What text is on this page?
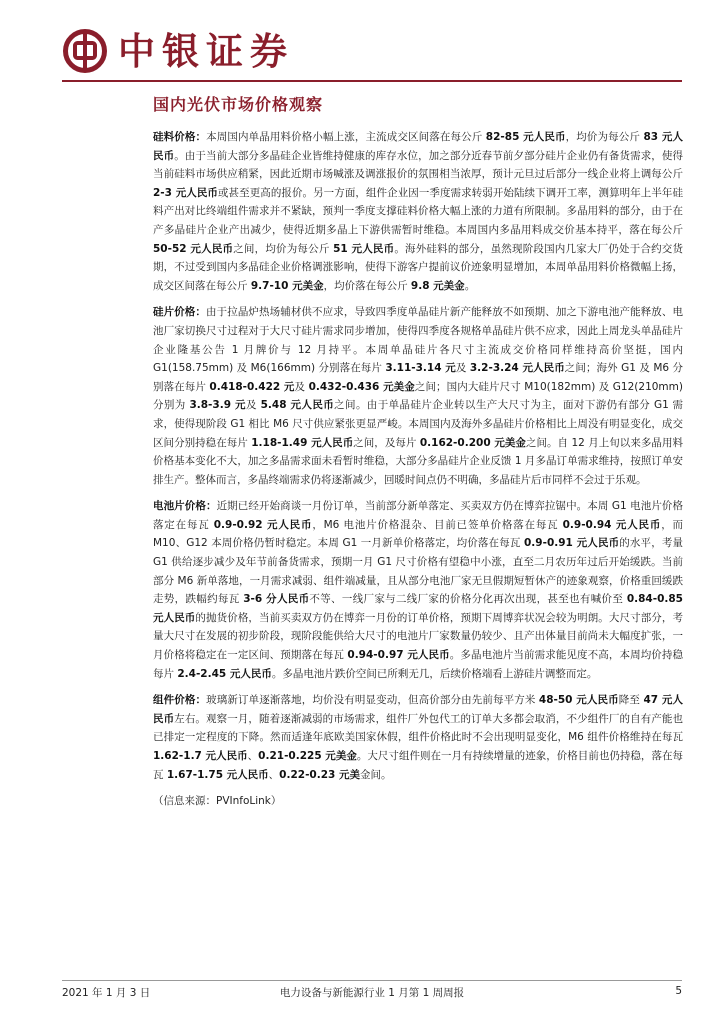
中银证券
国内光伏市场价格观察

硅料价格：本周国内单晶用料价格小幅上涨，主流成交区间落在每公斤 82-85 元人民币，均价为每公斤 83 元人民币。由于当前大部分多晶硅企业皆维持健康的库存水位，加之部分近春节前夕部分硅片企业仍有备货需求，使得当前硅料市场供应稍紧，因此近期市场喊涨及调涨报价的氛围相当浓厚，预计元旦过后部分一线企业将上调每公斤 2-3 元人民币或甚至更高的报价。另一方面，组件企业因一季度需求转弱开始陆续下调开工率，测算明年上半年硅料产出对比终端组件需求并不紧缺，预判一季度支撑硅料价格大幅上涨的力道有所限制。多晶用料的部分，由于在产多晶硅片企业产出减少，使得近期多晶上下游供需暂时维稳。本周国内多晶用料成交价基本持平，落在每公斤 50-52 元人民币之间，均价为每公斤 51 元人民币。海外硅料的部分，虽然现阶段国内几家大厂仍处于合约交货期，不过受到国内多晶硅企业价格调涨影响，使得下游客户提前议价迹象明显增加，本周单晶用料价格微幅上扬，成交区间落在每公斤 9.7-10 元美金，均价落在每公斤 9.8 元美金。

硅片价格：由于拉晶炉热场辅材供不应求，导致四季度单晶硅片新产能释放不如预期、加之下游电池产能释放、电池厂家切换尺寸过程对于大尺寸硅片需求同步增加，使得四季度各规格单晶硅片供不应求，因此上周龙头单晶硅片企业隆基公告 1 月牌价与 12 月持平。本周单晶硅片各尺寸主流成交价格同样维持高价坚挺，国内 G1(158.75mm) 及 M6(166mm) 分别落在每片 3.11-3.14 元及 3.2-3.24 元人民币之间；海外 G1 及 M6 分别落在每片 0.418-0.422 元及 0.432-0.436 元美金之间；国内大硅片尺寸 M10(182mm) 及 G12(210mm) 分别为 3.8-3.9 元及 5.48 元人民币之间。由于单晶硅片企业转以生产大尺寸为主，面对下游仍有部分 G1 需求，使得现阶段 G1 相比 M6 尺寸供应紧张更显严峻。本周国内及海外多晶硅片价格相比上周没有明显变化，成交区间分别持稳在每片 1.18-1.49 元人民币之间，及每片 0.162-0.200 元美金之间。自 12 月上旬以来多晶用料价格基本变化不大，加之多晶需求面未看暂时维稳，大部分多晶硅片企业反馈 1 月多晶订单需求维持，按照订单安排生产。整体而言，多晶终端需求仍将逐渐减少，回暖时间点仍不明确，多晶硅片后市同样不会过于乐观。

电池片价格：近期已经开始商谈一月份订单，当前部分新单落定、买卖双方仍在博弈拉锯中。本周 G1 电池片价格落定在每瓦 0.9-0.92 元人民币，M6 电池片价格混杂、目前已签单价格落在每瓦 0.9-0.94 元人民币，而 M10、G12 本周价格仍暂时稳定。本周 G1 一月新单价格落定，均价落在每瓦 0.9-0.91 元人民币的水平，考量 G1 供给逐步减少及年节前备货需求，预期一月 G1 尺寸价格有望稳中小涨，直至二月农历年过后开始缓跌。当前部分 M6 新单落地，一月需求减弱、组件端减量，且从部分电池厂家无旦假期短暂休产的迹象观察，价格重回缓跌走势，跌幅约每瓦 3-6 分人民币不等、一线厂家与二线厂家的价格分化再次出现，甚至也有喊价至 0.84-0.85 元人民币的抛货价格，当前买卖双方仍在博弈一月份的订单价格，预期下周博弈状况会较为明朗。大尺寸部分，考量大尺寸在发展的初步阶段，现阶段能供给大尺寸的电池片厂家数量仍较少、且产出体量目前尚未大幅度扩张，一月价格将稳定在一定区间、预期落在每瓦 0.94-0.97 元人民币。多晶电池片当前需求能见度不高，本周均价持稳每片 2.4-2.45 元人民币。多晶电池片跌价空间已所剩无几，后续价格端看上游硅片调整而定。

组件价格：玻璃新订单逐渐落地，均价没有明显变动，但高价部分由先前每平方米 48-50 元人民币降至 47 元人民币左右。观察一月，随着逐渐减弱的市场需求，组件厂外包代工的订单大多都会取消，不少组件厂的自有产能也已排定一定程度的下降。然而适逢年底欧美国家休假，组件价格此时不会出现明显变化，M6 组件价格维持在每瓦 1.62-1.7 元人民币、0.21-0.225 元美金。大尺寸组件则在一月有持续增量的迹象，价格目前也仍持稳，落在每瓦 1.67-1.75 元人民币、0.22-0.23 元美金间。

（信息来源：PVInfoLink）
2021 年 1 月 3 日	电力设备与新能源行业 1 月第 1 周周报	5
